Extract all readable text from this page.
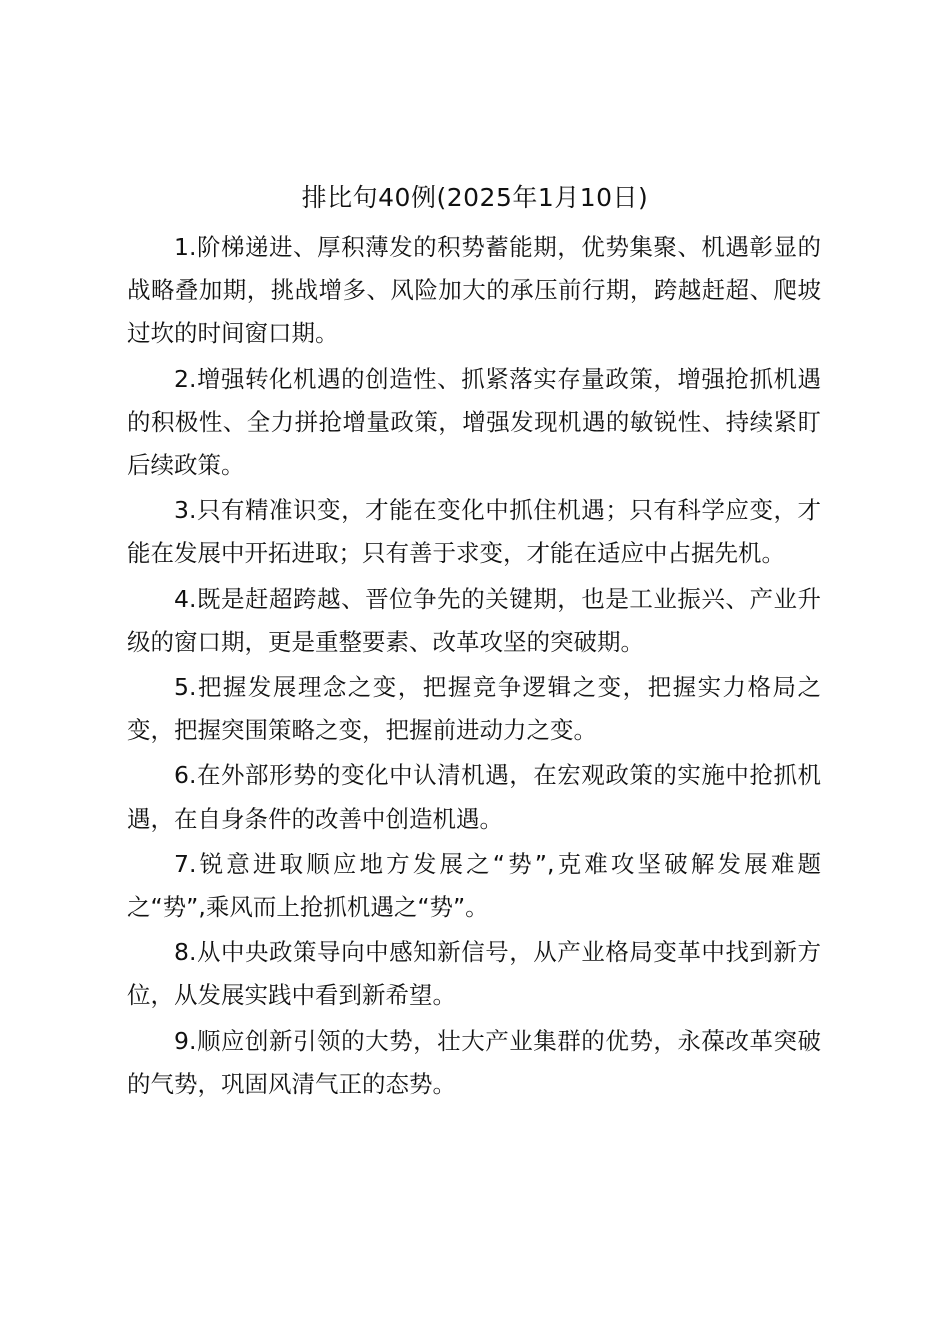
排比句40例(2025年1月10日)

1.阶梯递进、厚积薄发的积势蓄能期，优势集聚、机遇彰显的战略叠加期，挑战增多、风险加大的承压前行期，跨越赶超、爬坡过坎的时间窗口期。

2.增强转化机遇的创造性、抓紧落实存量政策，增强抢抓机遇的积极性、全力拼抢增量政策，增强发现机遇的敏锐性、持续紧盯后续政策。

3.只有精准识变，才能在变化中抓住机遇；只有科学应变，才能在发展中开拓进取；只有善于求变，才能在适应中占据先机。

4.既是赶超跨越、晋位争先的关键期，也是工业振兴、产业升级的窗口期，更是重整要素、改革攻坚的突破期。

5.把握发展理念之变，把握竞争逻辑之变，把握实力格局之变，把握突围策略之变，把握前进动力之变。

6.在外部形势的变化中认清机遇，在宏观政策的实施中抢抓机遇，在自身条件的改善中创造机遇。

7.锐意进取顺应地方发展之“势”,克难攻坚破解发展难题之“势”,乘风而上抢抓机遇之“势”。

8.从中央政策导向中感知新信号，从产业格局变革中找到新方位，从发展实践中看到新希望。

9.顺应创新引领的大势，壮大产业集群的优势，永葆改革突破的气势，巩固风清气正的态势。
